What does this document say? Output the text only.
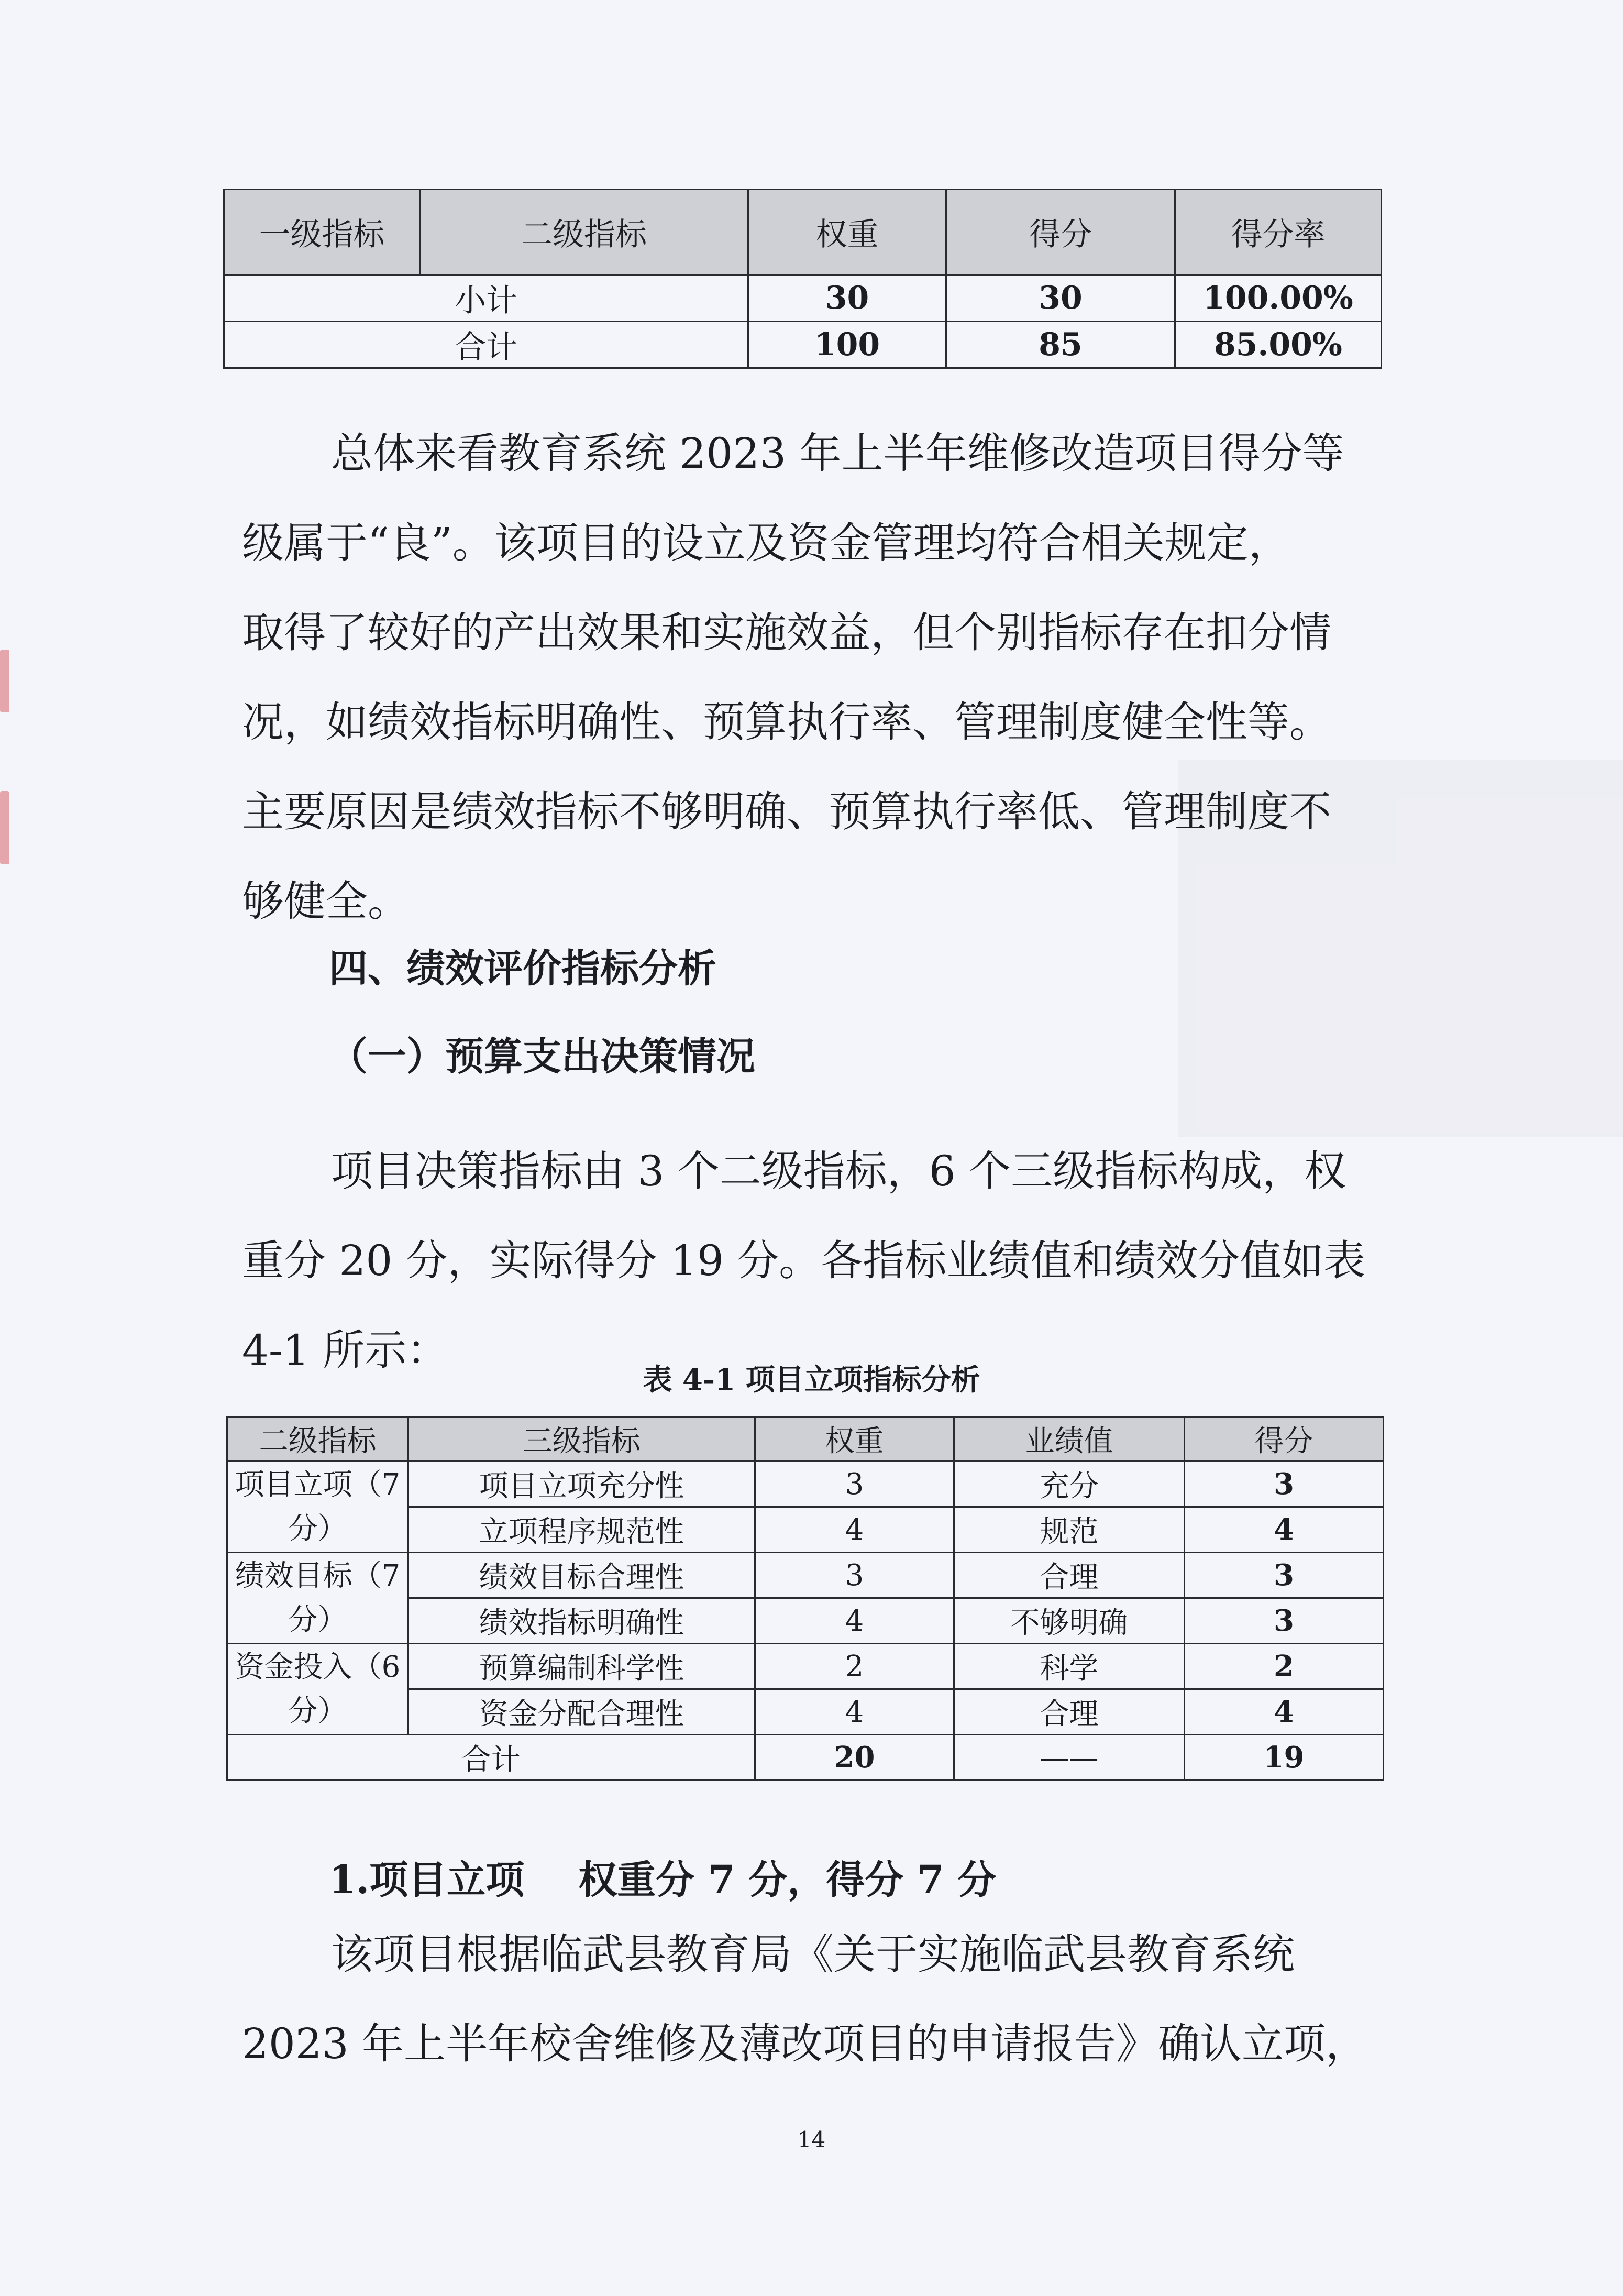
一级指标	二级指标	权重	得分	得分率
小计		30	30	100.00%
合计		100	85	85.00%
总体来看教育系统 2023 年上半年维修改造项目得分等
级属于“良”。该项目的设立及资金管理均符合相关规定，
取得了较好的产出效果和实施效益，但个别指标存在扣分情
况，如绩效指标明确性、预算执行率、管理制度健全性等。
主要原因是绩效指标不够明确、预算执行率低、管理制度不
够健全。

四、绩效评价指标分析

（一）预算支出决策情况

项目决策指标由 3 个二级指标，6 个三级指标构成，权
重分 20 分，实际得分 19 分。各指标业绩值和绩效分值如表
4-1 所示：

表 4-1 项目立项指标分析

二级指标	三级指标	权重	业绩值	得分
项目立项（7分）	项目立项充分性	3	充分	3
	立项程序规范性	4	规范	4
绩效目标（7分）	绩效目标合理性	3	合理	3
	绩效指标明确性	4	不够明确	3
资金投入（6分）	预算编制科学性	2	科学	2
	资金分配合理性	4	合理	4
合计		20	——	19

1.项目立项    权重分 7 分，得分 7 分

该项目根据临武县教育局《关于实施临武县教育系统
2023 年上半年校舍维修及薄改项目的申请报告》确认立项，

14
